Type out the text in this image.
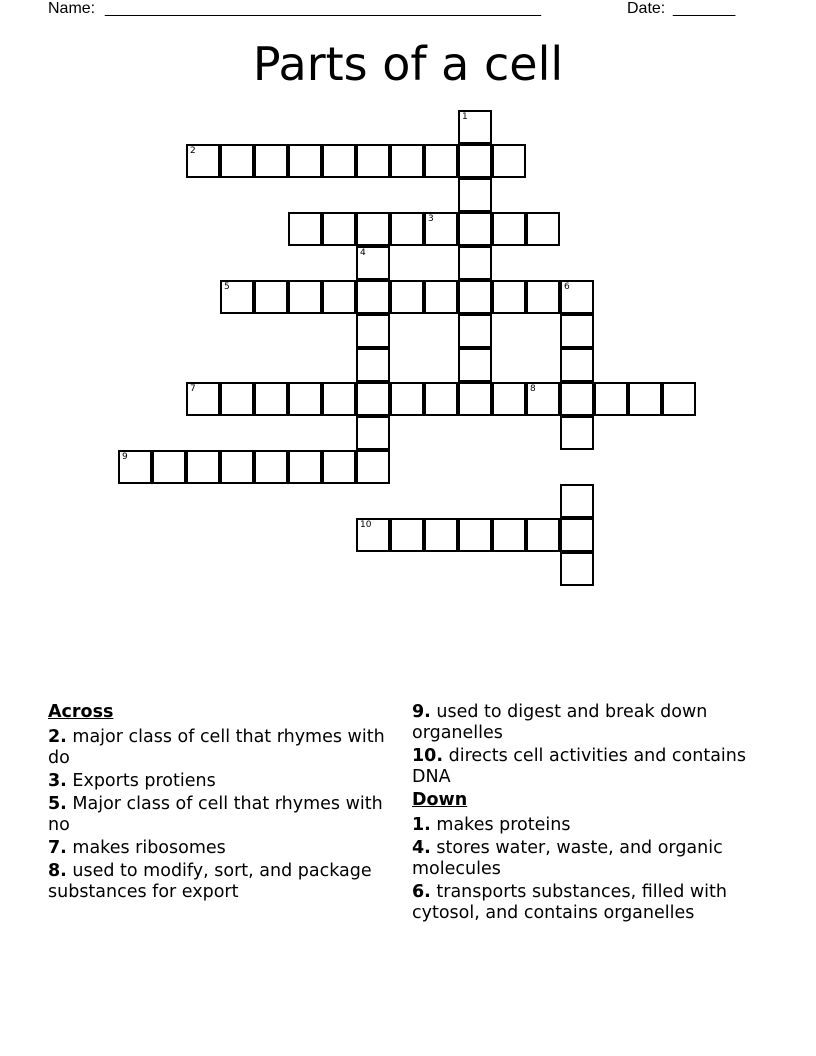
Name: _________________________________________________	Date: _______
Parts of a cell
2
3
5	6
7	8
9
10
1
4
Across
2. major class of cell that rhymes with do
3. Exports protiens
5. Major class of cell that rhymes with no
7. makes ribosomes
8. used to modify, sort, and package substances for export
9. used to digest and break down organelles
10. directs cell activities and contains DNA
Down
1. makes proteins
4. stores water, waste, and organic molecules
6. transports substances, filled with cytosol, and contains organelles
